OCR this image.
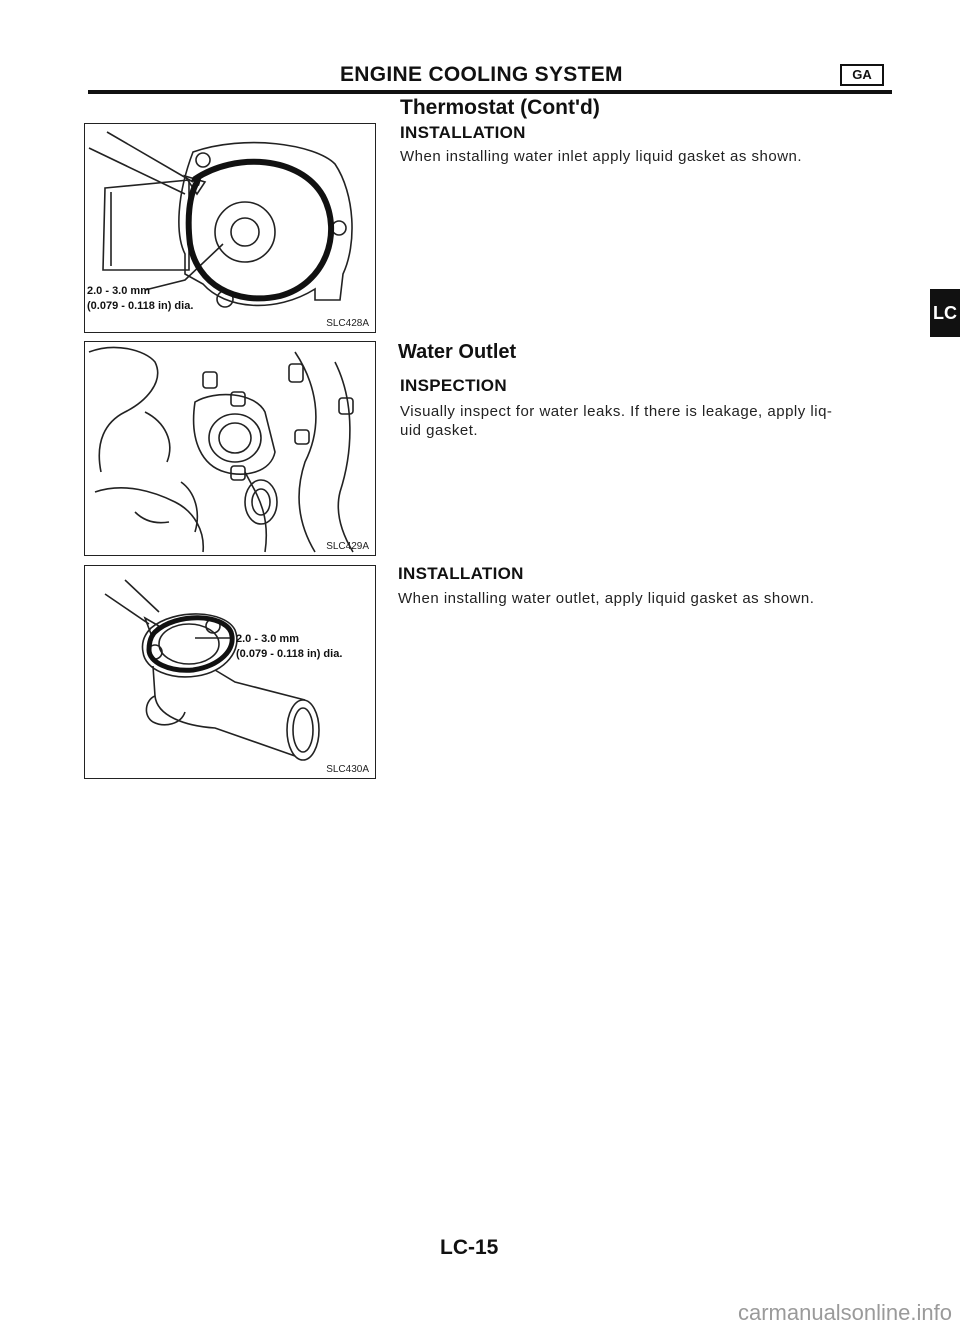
ENGINE COOLING SYSTEM	GA
Thermostat (Cont'd)
LC
2.0 - 3.0 mm
(0.079 - 0.118 in) dia.
SLC428A
SLC429A
2.0 - 3.0 mm
(0.079 - 0.118 in) dia.
SLC430A
INSTALLATION
When installing water inlet apply liquid gasket as shown.
Water Outlet
INSPECTION
Visually inspect for water leaks. If there is leakage, apply liq-
uid gasket.
INSTALLATION
When installing water outlet, apply liquid gasket as shown.
LC-15
carmanualsonline.info
